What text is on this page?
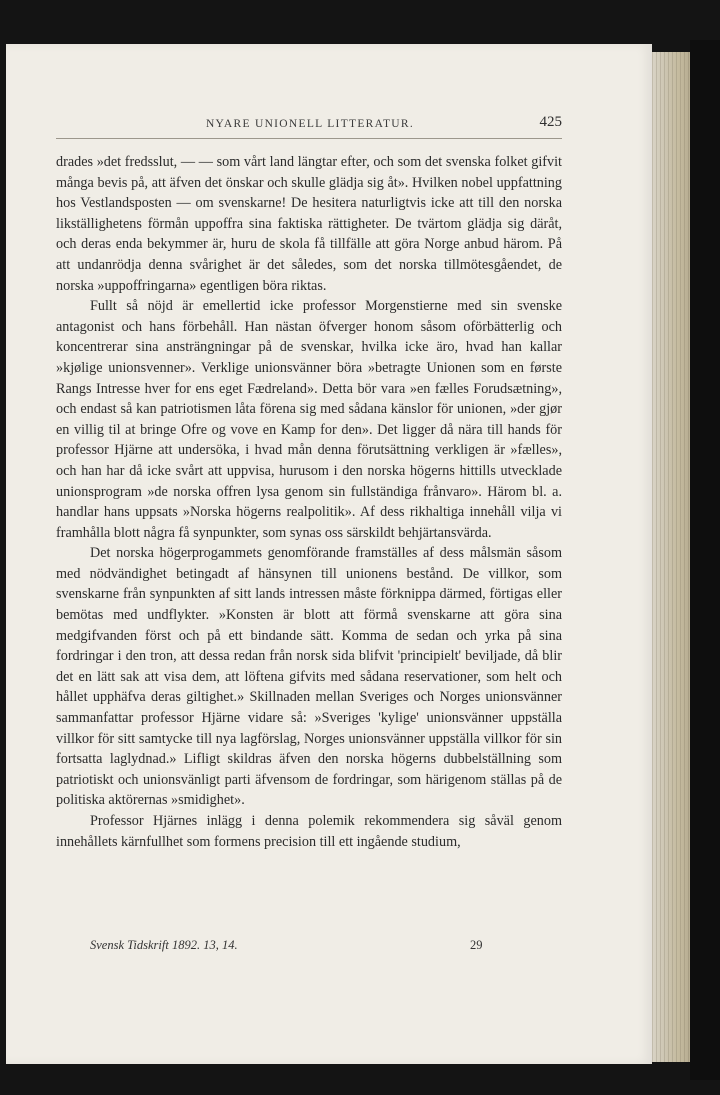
NYARE UNIONELL LITTERATUR.	425

drades »det fredsslut, — — som vårt land längtar efter, och som det svenska folket gifvit många bevis på, att äfven det önskar och skulle glädja sig åt». Hvilken nobel uppfattning hos Vestlandsposten — om svenskarne! De hesitera naturligtvis icke att till den norska likställighetens förmån uppoffra sina faktiska rättigheter. De tvärtom glädja sig däråt, och deras enda bekymmer är, huru de skola få tillfälle att göra Norge anbud härom. På att undanrödja denna svårighet är det således, som det norska tillmötesgåendet, de norska »uppoffringarna» egentligen böra riktas.

Fullt så nöjd är emellertid icke professor Morgenstierne med sin svenske antagonist och hans förbehåll. Han nästan öfverger honom såsom oförbätterlig och koncentrerar sina ansträngningar på de svenskar, hvilka icke äro, hvad han kallar »kjølige unionsvenner». Verklige unionsvänner böra »betragte Unionen som en første Rangs Intresse hver for ens eget Fædreland». Detta bör vara »en fælles Forudsætning», och endast så kan patriotismen låta förena sig med sådana känslor för unionen, »der gjør en villig til at bringe Ofre og vove en Kamp for den». Det ligger då nära till hands för professor Hjärne att undersöka, i hvad mån denna förutsättning verkligen är »fælles», och han har då icke svårt att uppvisa, hurusom i den norska högerns hittills utvecklade unionsprogram »de norska offren lysa genom sin fullständiga frånvaro». Härom bl. a. handlar hans uppsats »Norska högerns realpolitik». Af dess rikhaltiga innehåll vilja vi framhålla blott några få synpunkter, som synas oss särskildt behjärtansvärda.

Det norska högerprogammets genomförande framställes af dess målsmän såsom med nödvändighet betingadt af hänsynen till unionens bestånd. De villkor, som svenskarne från synpunkten af sitt lands intressen måste förknippa därmed, förtigas eller bemötas med undflykter. »Konsten är blott att förmå svenskarne att göra sina medgifvanden först och på ett bindande sätt. Komma de sedan och yrka på sina fordringar i den tron, att dessa redan från norsk sida blifvit 'principielt' beviljade, då blir det en lätt sak att visa dem, att löftena gifvits med sådana reservationer, som helt och hållet upphäfva deras giltighet.» Skillnaden mellan Sveriges och Norges unionsvänner sammanfattar professor Hjärne vidare så: »Sveriges 'kylige' unionsvänner uppställa villkor för sitt samtycke till nya lagförslag, Norges unionsvänner uppställa villkor för sin fortsatta laglydnad.» Lifligt skildras äfven den norska högerns dubbelställning som patriotiskt och unionsvänligt parti äfvensom de fordringar, som härigenom ställas på de politiska aktörernas »smidighet».

Professor Hjärnes inlägg i denna polemik rekommendera sig såväl genom innehållets kärnfullhet som formens precision till ett ingående studium,

Svensk Tidskrift 1892. 13, 14.	29
